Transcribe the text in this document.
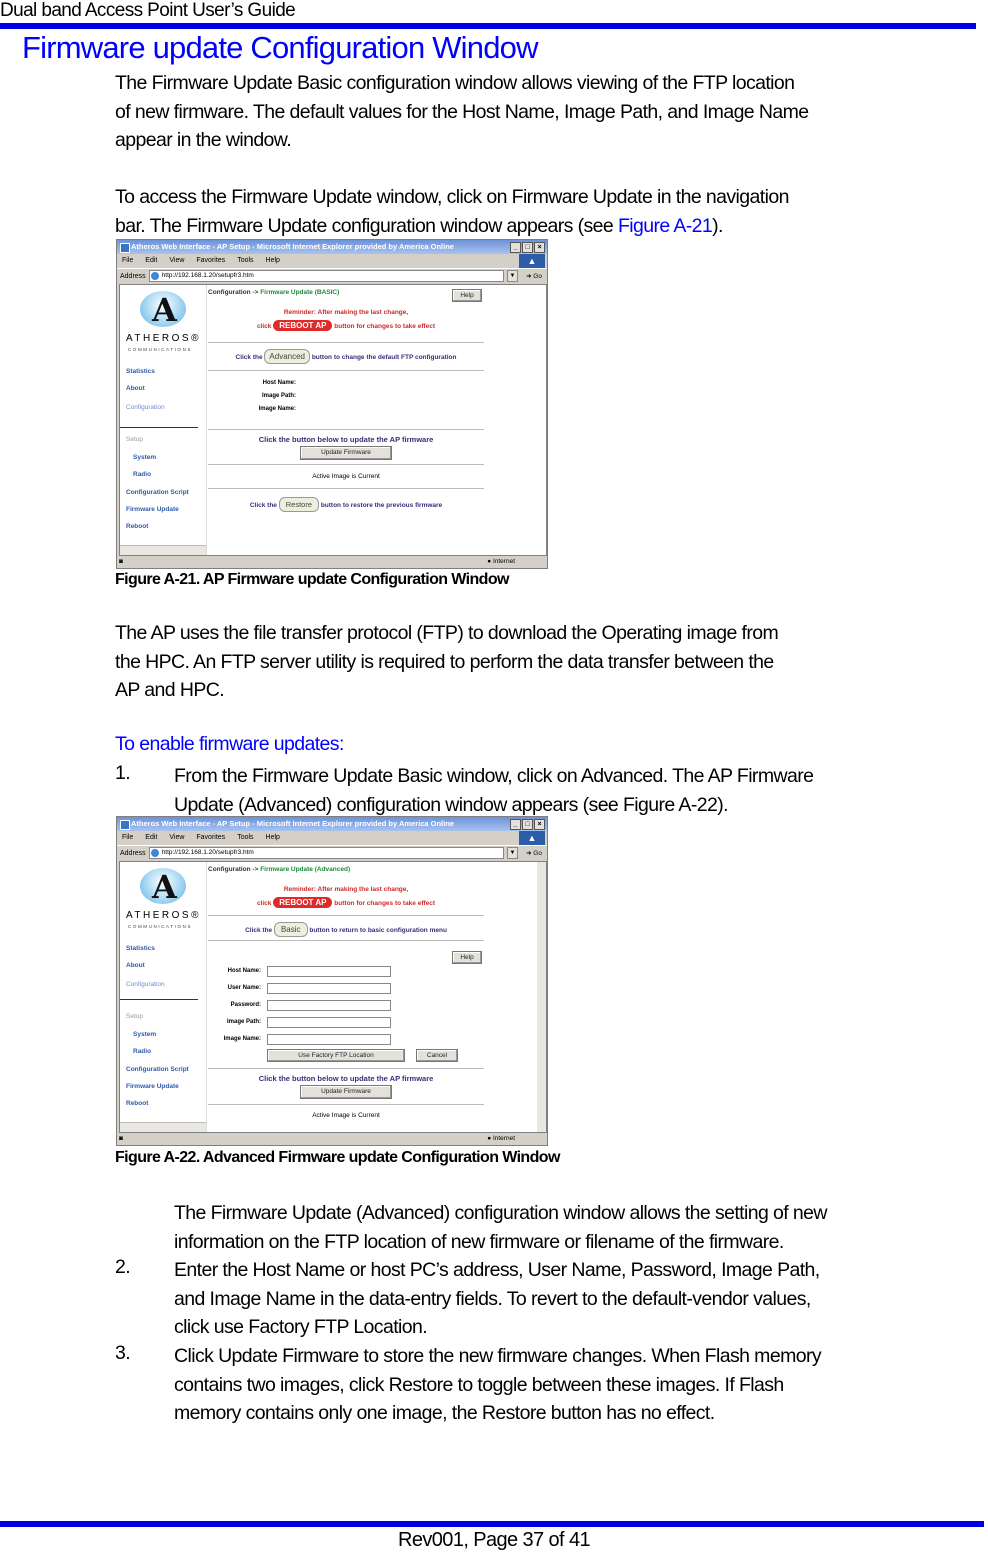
Dual band Access Point User’s Guide
Firmware update Configuration Window
The Firmware Update Basic configuration window allows viewing of the FTP location
of new firmware. The default values for the Host Name, Image Path, and Image Name
appear in the window.
To access the Firmware Update window, click on Firmware Update in the navigation
bar. The Firmware Update configuration window appears (see Figure A-21).
Atheros Web Interface - AP Setup - Microsoft Internet Explorer provided by America Online	_	□	×
File Edit View Favorites Tools Help	▲
Address	http://192.168.1.20/setupfr3.htm	▼	➜ Go
A
ATHEROS®
COMMUNICATIONS
Statistics
About
Configuration
Setup
System
Radio
Configuration Script
Firmware Update
Reboot
Configuration -> Firmware Update (BASIC)	Help
Reminder: After making the last change,
click REBOOT AP button for changes to take effect
Click the Advanced button to change the default FTP configuration
Host Name:
Image Path:
Image Name:
Click the button below to update the AP firmware
Update Firmware
Active Image is Current
Click the Restore button to restore the previous firmware
◙	● Internet
Figure A-21. AP Firmware update Configuration Window
The AP uses the file transfer protocol (FTP) to download the Operating image from
the HPC. An FTP server utility is required to perform the data transfer between the
AP and HPC.
To enable firmware updates:
1. From the Firmware Update Basic window, click on Advanced. The AP Firmware
Update (Advanced) configuration window appears (see Figure A-22).
Atheros Web Interface - AP Setup - Microsoft Internet Explorer provided by America Online	_	□	×
File Edit View Favorites Tools Help	▲
Address	http://192.168.1.20/setupfr3.htm	▼	➜ Go
A
ATHEROS®
COMMUNICATIONS
Statistics
About
Configuration
Setup
System
Radio
Configuration Script
Firmware Update
Reboot
Configuration -> Firmware Update (Advanced)
Reminder: After making the last change,
click REBOOT AP button for changes to take effect
Click the Basic button to return to basic configuration menu
Help
Host Name:
User Name:
Password:
Image Path:
Image Name:
Use Factory FTP Location	Cancel
Click the button below to update the AP firmware
Update Firmware
Active Image is Current
◙	● Internet
Figure A-22. Advanced Firmware update Configuration Window
The Firmware Update (Advanced) configuration window allows the setting of new
information on the FTP location of new firmware or filename of the firmware.
2. Enter the Host Name or host PC’s address, User Name, Password, Image Path,
and Image Name in the data-entry fields. To revert to the default-vendor values,
click use Factory FTP Location.
3. Click Update Firmware to store the new firmware changes. When Flash memory
contains two images, click Restore to toggle between these images. If Flash
memory contains only one image, the Restore button has no effect.
Rev001, Page 37 of 41
